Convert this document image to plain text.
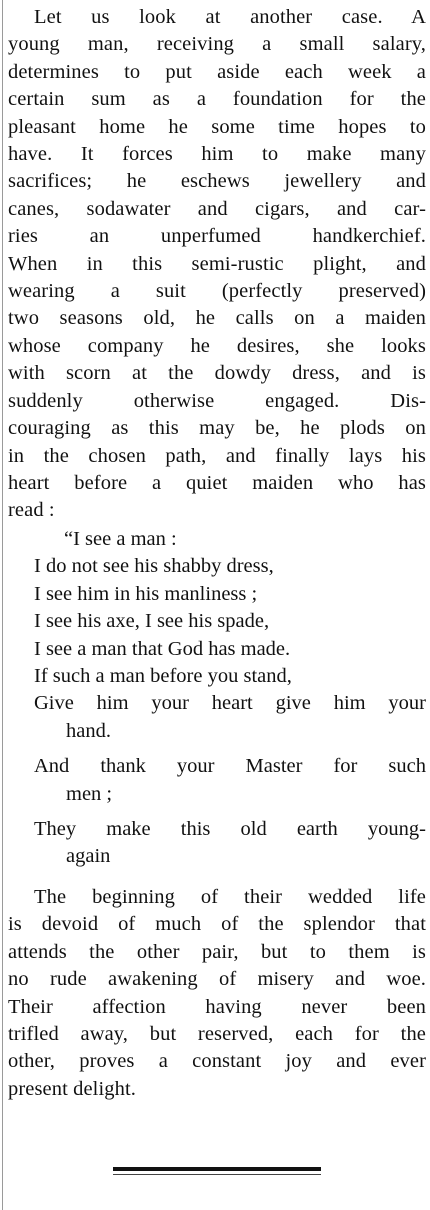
Let us look at another case. A
young man, receiving a small salary,
determines to put aside each week a
certain sum as a foundation for the
pleasant home he some time hopes to
have. It forces him to make many
sacrifices; he eschews jewellery and
canes, sodawater and cigars, and car-
ries an unperfumed handkerchief.
When in this semi-rustic plight, and
wearing a suit (perfectly preserved)
two seasons old, he calls on a maiden
whose company he desires, she looks
with scorn at the dowdy dress, and is
suddenly otherwise engaged. Dis-
couraging as this may be, he plods on
in the chosen path, and finally lays his
heart before a quiet maiden who has
read :
“I see a man :
I do not see his shabby dress,
I see him in his manliness ;
I see his axe, I see his spade,
I see a man that God has made.
If such a man before you stand,
Give him your heart give him your
hand.
And thank your Master for such
men ;
They make this old earth young-
again
The beginning of their wedded life
is devoid of much of the splendor that
attends the other pair, but to them is
no rude awakening of misery and woe.
Their affection having never been
trifled away, but reserved, each for the
other, proves a constant joy and ever
present delight.
